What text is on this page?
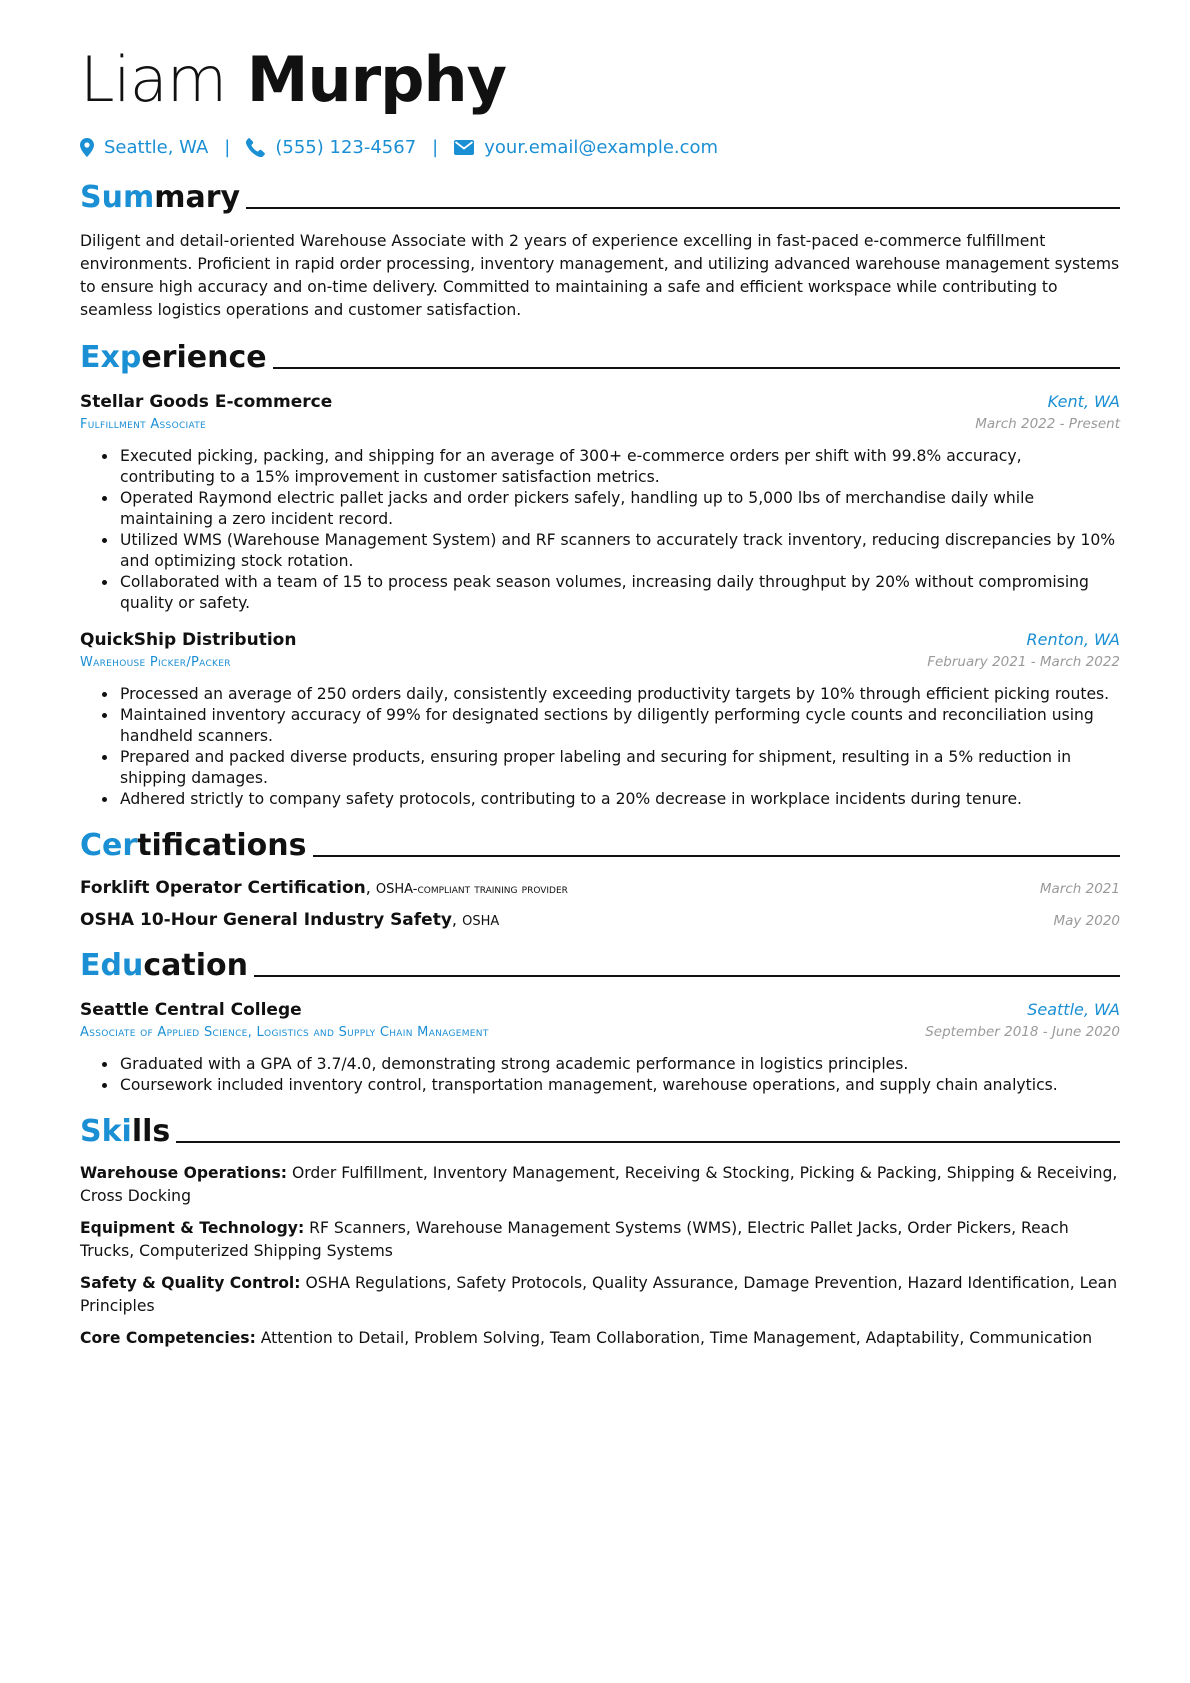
Liam Murphy
Seattle, WA |	(555) 123-4567 |	your.email@example.com
Summary
Diligent and detail-oriented Warehouse Associate with 2 years of experience excelling in fast-paced e-commerce fulfillment environments. Proficient in rapid order processing, inventory management, and utilizing advanced warehouse management systems to ensure high accuracy and on-time delivery. Committed to maintaining a safe and efficient workspace while contributing to seamless logistics operations and customer satisfaction.
Experience
Stellar Goods E-commerce	Kent, WA
Fulfillment Associate	March 2022 - Present
• Executed picking, packing, and shipping for an average of 300+ e-commerce orders per shift with 99.8% accuracy, contributing to a 15% improvement in customer satisfaction metrics.
• Operated Raymond electric pallet jacks and order pickers safely, handling up to 5,000 lbs of merchandise daily while maintaining a zero incident record.
• Utilized WMS (Warehouse Management System) and RF scanners to accurately track inventory, reducing discrepancies by 10% and optimizing stock rotation.
• Collaborated with a team of 15 to process peak season volumes, increasing daily throughput by 20% without compromising quality or safety.
QuickShip Distribution	Renton, WA
Warehouse Picker/Packer	February 2021 - March 2022
• Processed an average of 250 orders daily, consistently exceeding productivity targets by 10% through efficient picking routes.
• Maintained inventory accuracy of 99% for designated sections by diligently performing cycle counts and reconciliation using handheld scanners.
• Prepared and packed diverse products, ensuring proper labeling and securing for shipment, resulting in a 5% reduction in shipping damages.
• Adhered strictly to company safety protocols, contributing to a 20% decrease in workplace incidents during tenure.
Certifications
Forklift Operator Certification, OSHA-compliant training provider	March 2021
OSHA 10-Hour General Industry Safety, OSHA	May 2020
Education
Seattle Central College	Seattle, WA
Associate of Applied Science, Logistics and Supply Chain Management	September 2018 - June 2020
• Graduated with a GPA of 3.7/4.0, demonstrating strong academic performance in logistics principles.
• Coursework included inventory control, transportation management, warehouse operations, and supply chain analytics.
Skills
Warehouse Operations: Order Fulfillment, Inventory Management, Receiving & Stocking, Picking & Packing, Shipping & Receiving, Cross Docking
Equipment & Technology: RF Scanners, Warehouse Management Systems (WMS), Electric Pallet Jacks, Order Pickers, Reach Trucks, Computerized Shipping Systems
Safety & Quality Control: OSHA Regulations, Safety Protocols, Quality Assurance, Damage Prevention, Hazard Identification, Lean Principles
Core Competencies: Attention to Detail, Problem Solving, Team Collaboration, Time Management, Adaptability, Communication
